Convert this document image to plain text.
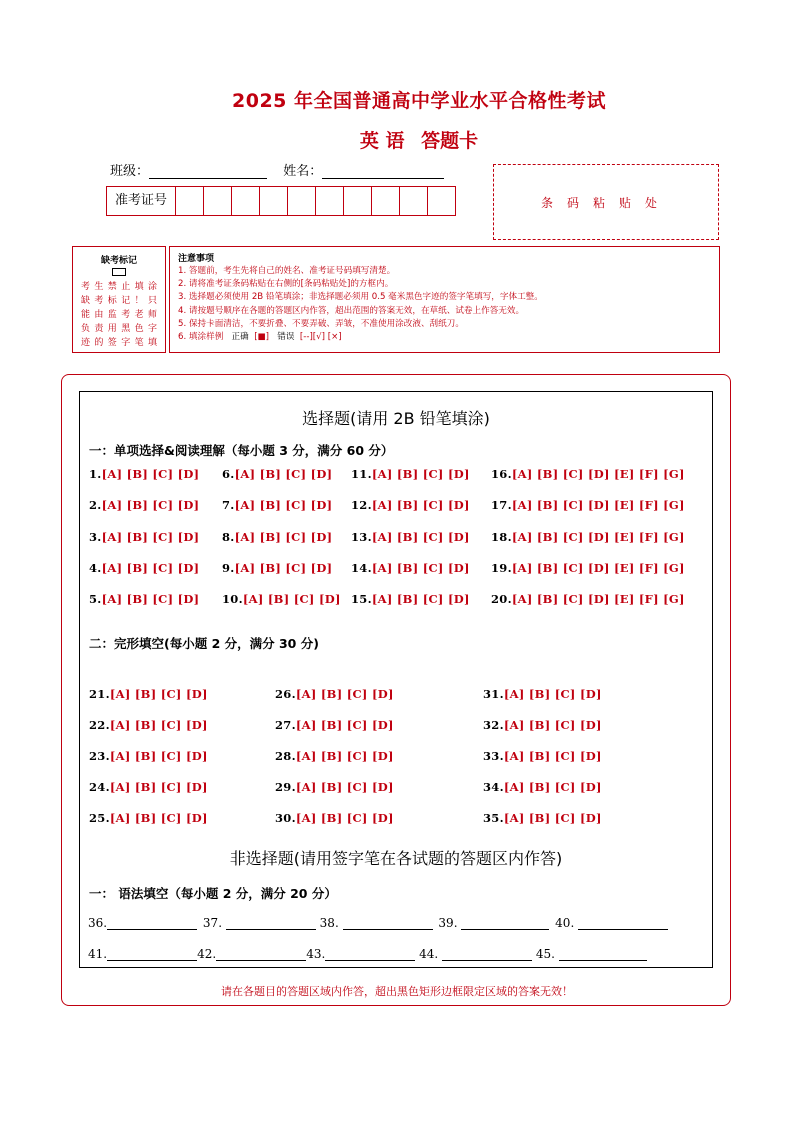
2025 年全国普通高中学业水平合格性考试
英 语 答题卡
班级：	姓名：
准考证号	条码粘贴处
缺考标记
考生禁止填涂
缺考标记！只
能由监考老师
负责用黑色字
迹的签字笔填
注意事项
1. 答题前，考生先将自己的姓名、准考证号码填写清楚。
2. 请将准考证条码粘贴在右侧的[条码粘贴处]的方框内。
3. 选择题必须使用 2B 铅笔填涂；非选择题必须用 0.5 毫米黑色字迹的签字笔填写，字体工整。
4. 请按题号顺序在各题的答题区内作答，超出范围的答案无效，在草纸、试卷上作答无效。
5. 保持卡面清洁，不要折叠、不要弄破、弄皱，不准使用涂改液、刮纸刀。
6. 填涂样例 正确 [■] 错误 [--][√] [×]
选择题(请用 2B 铅笔填涂)
一：单项选择&阅读理解（每小题 3 分，满分 60 分）
1.[A] [B] [C] [D] 6.[A] [B] [C] [D] 11.[A] [B] [C] [D] 16.[A] [B] [C] [D] [E] [F] [G]
2.[A] [B] [C] [D] 7.[A] [B] [C] [D] 12.[A] [B] [C] [D] 17.[A] [B] [C] [D] [E] [F] [G]
3.[A] [B] [C] [D] 8.[A] [B] [C] [D] 13.[A] [B] [C] [D] 18.[A] [B] [C] [D] [E] [F] [G]
4.[A] [B] [C] [D] 9.[A] [B] [C] [D] 14.[A] [B] [C] [D] 19.[A] [B] [C] [D] [E] [F] [G]
5.[A] [B] [C] [D] 10.[A] [B] [C] [D] 15.[A] [B] [C] [D] 20.[A] [B] [C] [D] [E] [F] [G]
二：完形填空(每小题 2 分，满分 30 分)
21.[A] [B] [C] [D]	26.[A] [B] [C] [D]	31.[A] [B] [C] [D]
22.[A] [B] [C] [D]	27.[A] [B] [C] [D]	32.[A] [B] [C] [D]
23.[A] [B] [C] [D]	28.[A] [B] [C] [D]	33.[A] [B] [C] [D]
24.[A] [B] [C] [D]	29.[A] [B] [C] [D]	34.[A] [B] [C] [D]
25.[A] [B] [C] [D]	30.[A] [B] [C] [D]	35.[A] [B] [C] [D]
非选择题(请用签字笔在各试题的答题区内作答)
一： 语法填空（每小题 2 分，满分 20 分）
36.	37.	38.	39.	40.
41.	42.	43.	44.	45.
请在各题目的答题区域内作答，超出黑色矩形边框限定区域的答案无效！
